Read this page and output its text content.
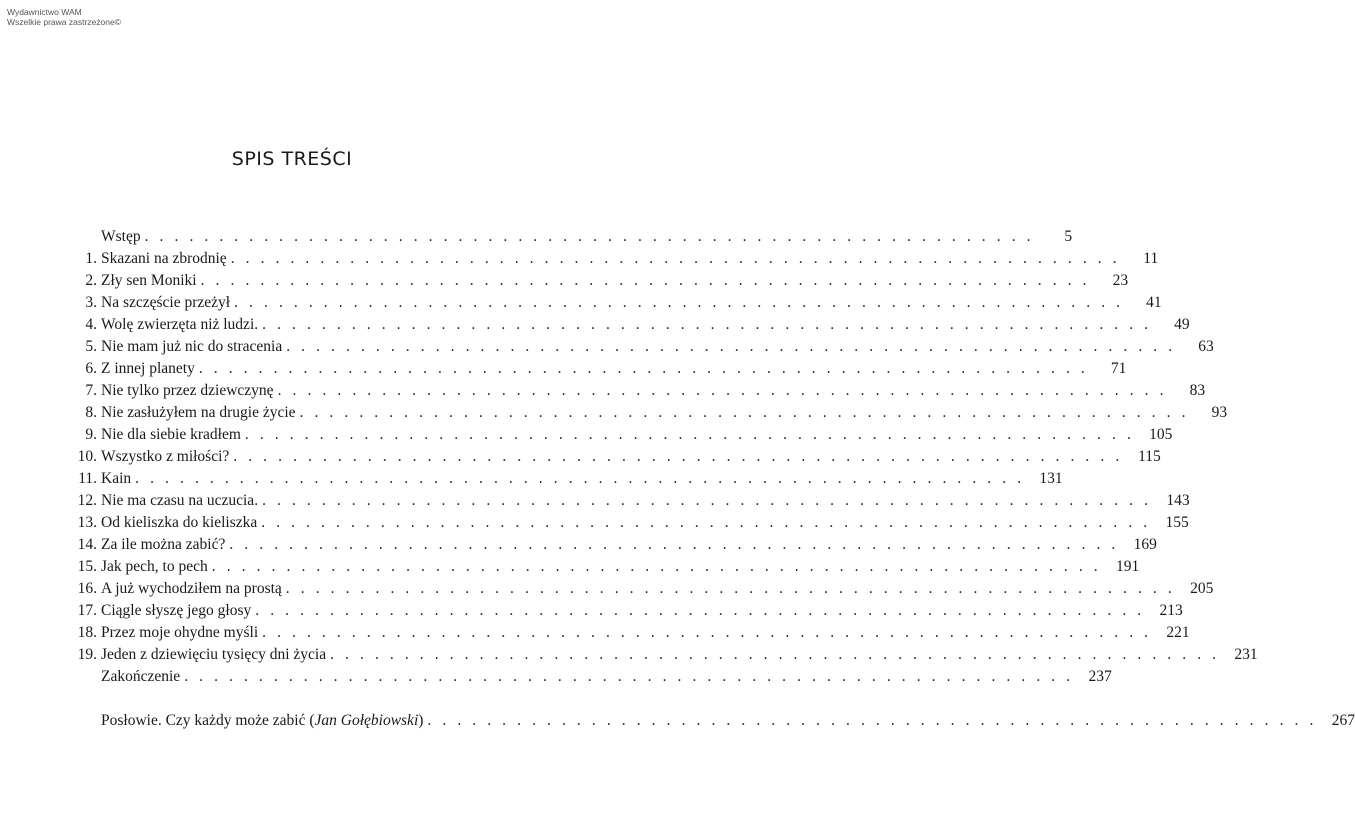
Wydawnictwo WAM
Wszelkie prawa zastrzeżone©
SPIS TREŚCI
Wstęp . . . . . . . . . . . . . . . . . . . . . . . . . . . . . . . . . . . . . . . . . . . . . . . . . . . . . . . . . . . .	5
1. Skazani na zbrodnię . . . . . . . . . . . . . . . . . . . . . . . . . . . . . . . . . . . . . . . . . . . . . . . . . . . . . . . . . . . .	11
2. Zły sen Moniki . . . . . . . . . . . . . . . . . . . . . . . . . . . . . . . . . . . . . . . . . . . . . . . . . . . . . . . . . . . .	23
3. Na szczęście przeżył . . . . . . . . . . . . . . . . . . . . . . . . . . . . . . . . . . . . . . . . . . . . . . . . . . . . . . . . . . . .	41
4. Wolę zwierzęta niż ludzi. . . . . . . . . . . . . . . . . . . . . . . . . . . . . . . . . . . . . . . . . . . . . . . . . . . . . . . . . . . . .	49
5. Nie mam już nic do stracenia . . . . . . . . . . . . . . . . . . . . . . . . . . . . . . . . . . . . . . . . . . . . . . . . . . . . . . . . . . . .	63
6. Z innej planety . . . . . . . . . . . . . . . . . . . . . . . . . . . . . . . . . . . . . . . . . . . . . . . . . . . . . . . . . . . .	71
7. Nie tylko przez dziewczynę . . . . . . . . . . . . . . . . . . . . . . . . . . . . . . . . . . . . . . . . . . . . . . . . . . . . . . . . . . . .	83
8. Nie zasłużyłem na drugie życie . . . . . . . . . . . . . . . . . . . . . . . . . . . . . . . . . . . . . . . . . . . . . . . . . . . . . . . . . . . .	93
9. Nie dla siebie kradłem . . . . . . . . . . . . . . . . . . . . . . . . . . . . . . . . . . . . . . . . . . . . . . . . . . . . . . . . . . . . 105
10. Wszystko z miłości? . . . . . . . . . . . . . . . . . . . . . . . . . . . . . . . . . . . . . . . . . . . . . . . . . . . . . . . . . . . . 115
11. Kain . . . . . . . . . . . . . . . . . . . . . . . . . . . . . . . . . . . . . . . . . . . . . . . . . . . . . . . . . . . . 131
12. Nie ma czasu na uczucia. . . . . . . . . . . . . . . . . . . . . . . . . . . . . . . . . . . . . . . . . . . . . . . . . . . . . . . . . . . . . 143
13. Od kieliszka do kieliszka . . . . . . . . . . . . . . . . . . . . . . . . . . . . . . . . . . . . . . . . . . . . . . . . . . . . . . . . . . . . 155
14. Za ile można zabić? . . . . . . . . . . . . . . . . . . . . . . . . . . . . . . . . . . . . . . . . . . . . . . . . . . . . . . . . . . . . 169
15. Jak pech, to pech . . . . . . . . . . . . . . . . . . . . . . . . . . . . . . . . . . . . . . . . . . . . . . . . . . . . . . . . . . . . 191
16. A już wychodziłem na prostą . . . . . . . . . . . . . . . . . . . . . . . . . . . . . . . . . . . . . . . . . . . . . . . . . . . . . . . . . . . . 205
17. Ciągle słyszę jego głosy . . . . . . . . . . . . . . . . . . . . . . . . . . . . . . . . . . . . . . . . . . . . . . . . . . . . . . . . . . . . 213
18. Przez moje ohydne myśli . . . . . . . . . . . . . . . . . . . . . . . . . . . . . . . . . . . . . . . . . . . . . . . . . . . . . . . . . . . . 221
19. Jeden z dziewięciu tysięcy dni życia . . . . . . . . . . . . . . . . . . . . . . . . . . . . . . . . . . . . . . . . . . . . . . . . . . . . . . . . . . . . 231
Zakończenie . . . . . . . . . . . . . . . . . . . . . . . . . . . . . . . . . . . . . . . . . . . . . . . . . . . . . . . . . . . . 237
Posłowie. Czy każdy może zabić (Jan Gołębiowski) . . . . . . . . . . . . . . . . . . . . . . . . . . . . . . . . . . . . . . . . . . . . . . . . . . . . . . . . . . . . 267
